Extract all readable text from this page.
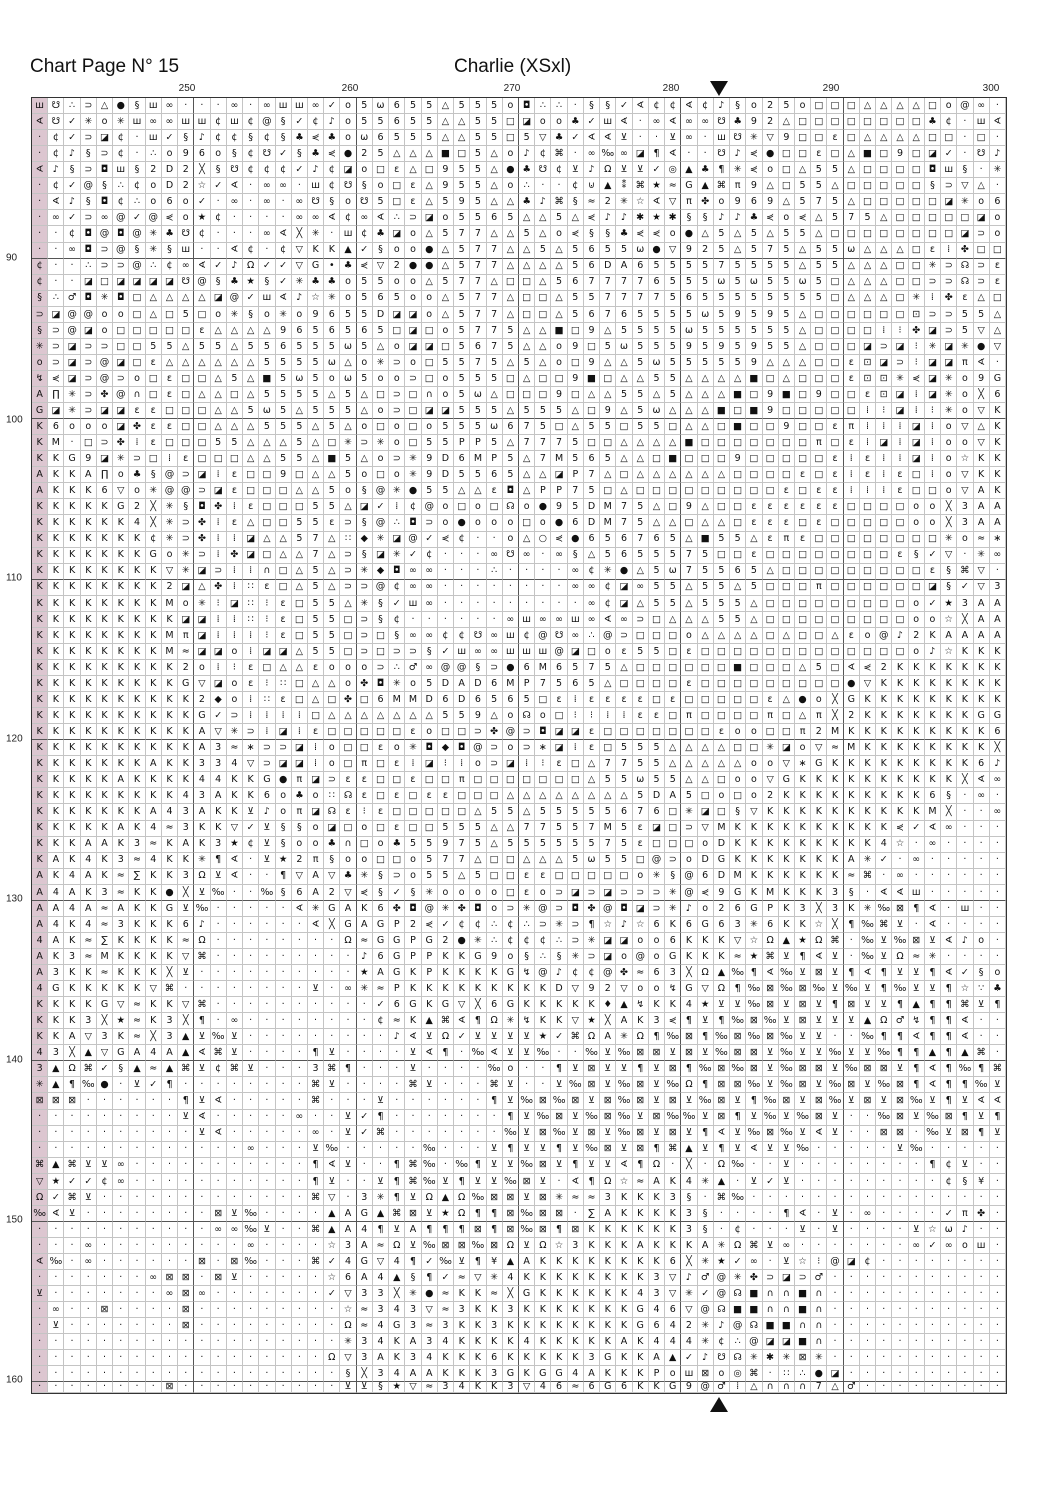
Chart Page N° 15	Charlie (XSxl)
250	260	270	280	290	300
90
100
110
120
130
140
150
160
ш ☋ ∴ ⊃ △ ●	§	ш ∞	·	·	·	∞	·	∞ ш ш ∞ ✓ o	5 ω 6	5	5	△	5	5	5	o	◘ ∴	∴	·	§	§	✓ ∢ ¢	¢ ∢ ¢	♪	§	o	2	5	o □ □ □ △ △ △ △ □ o @ ∞	·
∢ ☋ ✓ ✳ o ✳ ш ∞ ∞ ш ш ¢ ш ¢ @ §	✓ ¢	♪	o	5	5	6	5	5	△ △	5	5 □ ◪ o	o ♣ ✓ ш ∢	·	∞ ∢ ∞ ∞ ☋ ♣ 9	2	△ □ □ □ □ □ □ □ □ ♣ ¢	·	ш ∢
·	¢ ✓ ⊃ ◪ ¢	·	ш ✓	§	♪	¢	¢	§	¢	§	♣ ⋞ ♣ o ω 6	5	5	5	△ △	5	5 □ 5	▽ ♣ ✓ ∢ ∢ ⊻	·	·	⊻ ∞	·	ш ☋ ✳ ▽	9 □ □ ε □ △ △ △ △ □ □	·	□	·
·	¢	♪	§	⊃ ¢	·	∴	o	9	6	o	§	¢ ☋ ✓	§	♣ ⋞ ● 2	5	△ △ △ ■ □ 5	△	o	♪	¢ ⌘	·	∞ ‰ ∞ ◪ ¶ ∢	·	·	☋ ♪ ⋞ ● □ □ ε □ △ ■ □ 9 □ ◪ ✓	·	☋ ♪
∢ ♪	§	⊃ ◘ ш	§	2	D	2	╳	§	☋ ¢	¢	¢ ✓ ♪	¢ ◪ o □ ε	△ □ 9	5	5	△ ● ♣ ☋ ¢	⊻	♪	Ω ⊻ ⊻ ✓ ◎ ▲ ♣ ¶ ✳ ⋞ o □ △	5	5	△ □ □ □ □ ◘ ш	§	·	✳
·	¢ ✓ @ §	∴	¢	o	D	2 ☆ ✓ ∢	·	∞ ∞	·	ш ¢ ☋	§	o □ ε	△	9	5	5	△	o	∴	·	·	¢	⊍ ▲	⁑ ⌘ ★ ≈ G ▲ ⌘ π	9	△ □ 5	5	△ □ □ □ □ □ §	⊃ ▽ △	·
·	∢ ♪	§	◘ ¢	∴	o	6	o ✓	·	∞	·	∞	·	∞ ☋	§	o ☋ 5 □ ε	△	5	9	5	△ △ ♣ ♪ ⌘ §	≈ 2 ✳ ☆ ∢ ▽	π ✤ o	9	6	9	△	5	7	5	△ □ □ □ □ □ ◪ ✳ o	6
·	∞ ✓ ⊃ ∞ @ ✓ @ ⋞ o ★ ¢	·	·	·	·	∞ ∞ ∢ ¢ ∞ ∢ ∴ ⊃ ◪ o	5	5	6	5	△ △	5	△ ⋞ ♪	♪ ✱ ★ ✱	§	§	♪	♪ ♣ ⋞ o ⋞ △	5	7	5	△ □ □ □ □ □ ◪ o
·	·	¢ ◘ @ ◘ @ ✳ ♣ ☋ ¢	·	·	·	∞ ∢ ╳ ✳	·	ш ¢ ♣ ◪ o	△	5	7	7	△ △	5	△	o ⋞	§	§	♣ ⋞ ⋞ o ● △	5	△	5	△	5	5	△ □ □ □ □ □ □ □ □ ◪ ⊃ o
·	·	∞ ◘ ⊃ @ §	✳	§	ш	·	·	∢ ¢	·	¢	▽ K	K ▲ ✓	§	o	o ● △	5	7	7	△ △	5	△	5	6	5	5 ω ● ▽	9	2	5	△	5	7	5	△	5	5 ω △ △ △ □ ε	⁞	✤ □ □
¢	·	·	∴ ⊃ ⊃ @ ∴	¢ ∞ ∢ ✓ ♪	Ω ✓ ✓ ▽ G	• ♣ ⋞ ▽	2 ● ● △	5	7	7	△ △ △ △	5	6	D A	6	5	5	5	5	7	5	5	5	5	△	5	5	△ △ △ □ □ ✳ ⊃ ☊ ⊃	ε
¢	·	·	◪ □ ◪ ◪ ◪ ◪ ☋ @ §	♣ ★	§	✓ ✳ ♣ ♣ o	5	5	o	o	△	5	7	7	△ □ □ △	5	6	7	7	7	7	6	5	5	5 ω 5 ω 5	5 ω 5 □ △ △ △ □ □ ⊃ ⊃ ☊ ⊃	ε
§	∴ ♂ ◘ ✳ ◘ □ △ △ △ △ ◪ @ ✓ ш ∢ ♪ ☆ ✳ o	5	6	5	o	o	△	5	7	7	△ □ □ △	5	5	7	7	7	7	5	6	5	5	5	5	5	5	5	5 □ △ △ △ □ ✳	⁞	✤	ε	△ □
⊃ ◪ @ @ o	o □ △ □ 5 □ o ✳	§	o ✳ o	9	6	5	5	D ◪ ◪ o	△	5	7	7	△ □ □ △	5	6	7	6	5	5	5	5 ω 5	9	5	9	5	△ □ □ □ □ □ □ ⊡ ⊃ ⊃ 5	5	△
§	⊃ @ ◪ o □ □ □ □ □ ε	△ △ △ △	9	6	5	6	5	6	5 □ ◪ □ o	5	7	7	5	△ △ ■ □ 9	△	5	5	5	5 ω 5	5	5	5	5	5	△ □ □ □ □	⁞	⁝	✤ ◪ ⊃ 5	▽ △
✳ ⊃ ◪ ⊃ ⊃ □ □ 5	5	△	5	5	△	5	5	6	5	5	5 ω 5	△	o ◪ ◪ □ 5	6	7	5	△ △	o	9 □ 5 ω 5	5	5	9	5	9	5	9	5	5	△ □ □ □ ◪ ⊃ ◪	⁝	✳ ◪ ✳ ● ▽
o ⊃ ◪ ⊃ @ ◪ □ ε	△ △ △ △ △ △	5	5	5	5 ω △	o ✳ ⊃ o □ 5	5	7	5	△	5	△	o □ 9	△ △	5 ω 5	5	5	5	5	9	△ △ △ □ □ ε	⊡ ◪ ⊃	⁝	◪ ◪ π ∢	·
↯ ⋞ ◪ ⊃ @ ⊃ o □ ε □ □ △	5	△ ■ 5 ω 5	o ω 5	o	o ⊃ □ o	5	5	5 □ △ □ □ 9 ■ □ △ △	5	5	△ △ △ △ ■ □ △ □ □ □ ε	⊡ ⊡ ✳ ⋞ ◪ ✳ o	9	G
A ∏ ✳ ⊃ ✤ @ ∩ □ ε □ △ △ □ △	5	5	5	5	△	5	△ □ ⊃ □ ∩	o	5 ω △ □ □ □ 9 □ △ △	5	5	△	5	△ △ △ ■ □ 9 ■ □ 9 □ □ ε	⊡ ◪	⁞	◪ ✳ o	╳	6
G ◪ ✳ ⊃ ◪ ◪ ε	ε □ □ □ △ △	5 ω 5	△	5	5	5	△	o ⊃ □ ◪ ◪ 5	5	5	△	5	5	5	△ □ 9	△	5 ω △ △ △ ■ □ ■ 9 □ □ □ □ □	⁞	⁝	◪	⁞	⁝	✳ o	▽ K
K	6	o	o	o ◪ ✤	ε	ε □ □ △ △ △	5	5	5	△	5	△	o □ o □ o	5	5	5 ω 6	7	5 □ △	5	5 □ 5	5 □ △ △ □ ■ □ □ 9 □ □ ε	π	⁞	⁞	⁞	◪	⁞	o	▽ △ K
K M	·	□ ⊃ ✤	⁞	ε □ □ □ 5	5	△ △ △	5	△ □ ✳ ⊃ ✳ o □ 5	5	P	P	5	△	7	7	7	5 □ □ △ △ △ △ ■ □ □ □ □ □ □ □ π □ ε	⁞	◪	⁞	◪	⁞	o	o	▽ K
K	K G	9 ◪ ✳ ⊃ □	⁞	ε □ □ □ △ △	5	5	△ ■ 5	△	o ⊃ ✳ 9	D	6 M P	5	△	7 M 5	6	5	△ △ □ ■ □ □ □ 9 □ □ □ □ □ ε	⁞	ε	⁞	⁞	◪	⁞	o ☆ K	K
A	K	K	A ∏	o ♣	§ @ ⊃ ◪	⁞	ε □ □ 9 □ △ △	5	o □ o ✳ 9	D	5	5	6	5	△ △ ◪ P	7	△ □ △ △ △ △ △ △ □ □ □ □ ε □ ε	⁞	ε	⁞	ε □	⁞	o	▽ K	K
A	K	K	K	6	▽	o ✳ @ @ ⊃ ◪ ε □ □ □ △ △	5	o	§ @ ✳ ● 5	5	△ △	ε	◘ △	P	P	7	5 □ △ □ □ □ □ □ □ □ □ □ ε □ ε	ε	⁞	⁞	⁞	ε □ □ o	▽ A	K
K	K	K	K	K G	2	╳ ✳	§	◘ ✤	⁞	ε □ □ □ 5	5	△ ◪ ✓	⁞	¢ @ o □ o □ ☊ o ● 9	5	D M 7	5	△ □ 9	△ □ □ ε	ε	ε	ε	ε	ε □ □ □ □ o	o	╳	3	A	A
K	K	K	K	K	K	4	╳ ✳ ⊃ ✤	⁞	ε	△ □ □ 5	5	ε	⊃	§ @ ∴ ◘ ⊃ o ● o	o	o □ o ● 6	D M 7	5	△ △ □ △ △ □ ε	ε	ε □ ε □ □ □ □ □ o	o	╳	3	A	A
K	K	K	K	K	K	K	¢ ✳ ⊃ ✤	⁞	⁞	◪ △ △	5	7	△	∷	◆ ✳ ◪ @ ✓ ⋞ ¢	·	·	o	△ ○ ⋞ ● 6	5	6	7	6	5	△ ■ 5	5	△	ε	π	ε □ □ □ □ □ □ □ □ ✳ o ≈ ∗
K	K	K	K	K	K	K G	o ✳ ⊃	⁞	✤ ◪ □ △ △	7	△ ⊃	§ ◪ ✳ ✓ ¢	·	·	·	∞ ☋ ∞	·	∞	§	△	5	6	5	5	5	7	5 □ □ ε □ □ □ □ □ □ □ □ ε	§	✓ ▽	·	✳ ∞
K	K	K	K	K	K	K	K ▽ ✳ ◪ ⊃	⁞	⁞	∩ □ △	5	△ ⊃ ✳ ◆ ◘ ∞ ∞	·	·	·	∴	·	·	·	·	∞ ¢ ✳ ● △	5 ω 7	5	5	6	5	△ □ □ □ □ □ □ □ □ □ ε	§ ⌘ ▽	·
K	K	K	K	K	K	K	K	2 ◪ △ ✤	⁞	∷	ε □ △	5	△ ⊃ ⊃ @ ¢ ∞ ∞	·	·	·	·	·	·	·	·	∞ ∞ ¢ ◪ ∞ 5	5	△	5	5	△	5 □ □ □ π □ □ □ □ □ □ ◪ §	✓ ▽	3
K	K	K	K	K	K	K	K M o ✳	⁝	◪ ∷	⁝	ε □ 5	5	△ ✳	§	✓ ш ∞	·	·	·	·	·	·	·	·	·	∞ ¢ ◪ △	5	5	△	5	5	5	△ □ □ □ □ □ □ □ □ □ o ✓ ★ 3	A	A
K	K	K	K	K	K	K	K	K ◪ ◪	⁞	⁞	∷	⁝	ε □ 5	5 □ ⊃	§	¢	·	·	·	·	·	·	∞ ш ∞ ∞ ш ∞ ∢ ∞ ⊃ □ △ △ △	5	5	△ □ □ □ □ □ □ □ □ □ o	o ☆ ╳	A	A
K	K	K	K	K	K	K	K M π ◪	⁞	⁞	⁞	⁝	ε □ 5	5 □ ⊃ □ §	∞ ∞ ¢	¢ ☋ ∞ ш ¢ @ ☋ ∞ ∴ @ ⊃ □ □ □ o	△ △ △ △ □ △ □ □ △	ε	o @ ♪	2	K	A	A	A	A
K	K	K	K	K	K	K	K M ≈ ◪ ◪ o	⁞	◪ ◪ △	5	5 □ ⊃ □ ⊃ ⊃	§	✓ ш ∞ ∞ ш ш ш @ ◪ □ o	ε	5	5 □ ε □ □ □ □ □ □ □ □ □ □ □ □ □ o	♪ ☆ K	K	K
K	K	K	K	K	K	K	K	K	2	o	⁞	⁝	ε □ △ △	ε	o	o	o ⊃ ∴ ♂ ∞ @ @ §	⊃ ● 6 M 6	5	7	5	△ □ □ □ □ □ □ ■ □ □ □ △	5 □ ∢ ⋞ 2	K	K	K	K	K	K	K
K	K	K	K	K	K	K	K	K G ▽ ◪ o	ε	⁝	∷ □ △ △	o ✤ ◘ ✳ o	5	D A D	6 M P	7	5	6	5	△ □ □ □ □ ε □ □ □ □ □ □ □ □ □ ● ▽ K	K	K	K	K	K	K	K
K	K	K	K	K	K	K	K	K	K	2	◆	o	⁞	∷	ε □ △ □ ✤ □ 6 M M D	6	D	6	5	6	5 □ ε	⁞	ε	ε	ε	ε □ ε □ □ □ □ □ ε	△ ● o	╳	G K	K	K	K	K	K	K	K	K
K	K	K	K	K	K	K	K	K	K G ✓ ⊃	⁞	⁞	⁞	⁞	□ △ △ △ △ △ △ △	5	5	9	△	o ☊ o □	⁝	⁝	⁞	⁞	ε	ε □ π □ □ □ □ π □ △	π	╳	2	K	K	K	K	K	K	K G G
K	K	K	K	K	K	K	K	K	K	A ▽ ✳ ⊃	⁞	◪	⁞	ε □ □ □ □ □ ε	o □ □ ⊃ ✤ @ ⊃ ◘ ◪ ◪ ε □ □ □ □ □ □ □ ε	o	o □ □ π	2 M K	K	K	K	K	K	K	K	K	6
K	K	K	K	K	K	K	K	K	K	A	3 ≈ ∗ ⊃ ⊃ ◪	⁞	o □ □ ε	o ✳ ◘ ◆ ◘ @ ⊃ o ⊃ ∗ ◪	⁞	ε □ 5	5	5	△ △ △ △ □ □ ✳ ◪ o	▽ ≈ M K	K	K	K	K	K	K	K	╳
K	K	K	K	K	K	K	A	K	K	3	3	4	▽ ⊃ ◪ ◪	⁞	o □ π □ ε	⁞	◪	⁝	⁞	o ⊃ ◪	⁞	⁝	ε □ △	7	7	5	5	△ △ △ △ △	o	o	▽ ∗ G K	K	K	K	K	K	K	K	K	6	♪
K	K	K	K	K	A	K	K	K	K	4	4	K	K G ● π ◪ ⊃	ε	ε □ □ ε □ □ π □ □ □ □ □ □ □ △	5	5 ω 5	5	△ △ □ o	o	▽ G K	K	K	K	K	K	K	K	K	K	╳ ∢ ∞
K	K	K	K	K	K	K	K	K	4	3	A	K	K	6	o ♣ o	∷ ☊ ε □ ε □ ε	ε □ □ □ △ △ △ △ △ △ △ △	5	D A	5 □ o □ o	2	K	K	K	K	K	K	K	K	K	6	§	·	∞	·
K	K	K	K	K	K	K	A	4	3	A	K	K	⊻	♪	o	π ◪ ☊ ε	⁝	ε □ □ □ □ □ △	5	5	△	5	5	5	5	5	6	7	6 □ ✳ ◪ □ §	▽ K	K	K	K	K	K	K	K	K	K M ╳	·	·	∞
K	K	K	K	K	A	K	4 ≈ 3	K	K ▽ ✓ ⊻	§	§	o ◪ □ o □ ε □ □ 5	5	5	△ △	7	7	5	5	7 M 5	ε ◪ □ ⊃ ▽ M K	K	K	K	K	K	K	K	K	K ⋞ ✓ ∢ ∞	·	·	·
K	K	K	A	A	K	3 ≈ K	A	K	3 ★ ¢	⊻	§	o	o ♣ ∩ □ o ♣ 5	5	9	7	5	△	5	5	5	5	5	5	7	5	ε □ □ □ o	D K	K	K	K	K	K	K	K	K	4 ☆	·	∞	·	·	·	·
K	A	K	4	K	3 ≈ 4	K	K ✳ ¶ ∢	·	⊻ ★ 2	π	§	o	o □ □ o	5	7	7	△ □ □ △ △ △	5 ω 5	5 □ @ ⊃ o	D G K	K	K	K	K	K	K	A ✳ ✓	·	∞	·	·	·	·	·
A	K	4	A	K ≈ ∑	K	K	3	Ω ⊻ ∢	·	·	¶	▽ A ▽ ♣ ✳	§	⊃ o	5	5	△	5 □ □ ε	ε □ □ □ □ □ o ✳	§ @ 6	D M K	K	K	K	K	K ≈ ⌘	·	∞	·	·	·	·	·	·
A	4	A	K	3 ≈ K	K ● ╳	⊻ ‰ ·	· ‰ §	6	A	2	▽ ⋞	§	✓	§	✳ o	o	o	o □ ε	o ⊃ ◪ ⊃ ◪ ⊃ ⊃ ⊃ ✳ @ ⋞ 9	G K M K	K	K	3	§	·	∢ ∢ ш	·	·	·	·	·
A	A	4	A ≈ A	K	K G ⊻ ‰ ·	·	·	·	·	∢ ✳ G A	K	6 ✤ ◘ @ ✳ ✤ ◘	o ⊃ ✳ @ ⊃ ◘ ✤ @ ◘ ◪ ⊃ ✳ ♪	o	2	6	G	P	K	3	╳	3	K ✳ ‰ ⊠ ¶ ∢	·	ш	·	·
A	4	K	4 ≈ 3	K	K	K	6	♪	·	·	·	·	·	·	∢ ╳	G A G	P	2 ⋞ ✓ ¢	¢	∴	¢	∴ ⊃ ✳ ⊃ ¶ ☆ ♪ ☆ 6	K	6	G	6	3 ✳ 6	K	K ☆ ╳	¶ ‰ ⌘ ⊻	·	∢	·	·	·	·
4	A	K ≈ ∑	K	K	K	K ≈ Ω	·	·	·	·	·	·	·	·	Ω ≈ G G	P	G	2 ● ✳ ∴	¢	¢	¢	∴ ⊃ ✳ ◪ ◪ o	o	6	K	K	K ▽ ☆ Ω ▲ ★ Ω ⌘	· ‰ ⊻ ‰ ⊠ ⊻ ∢ ♪	o	·
A	K	3 ≈ M K	K	K	K ▽ ⌘	·	·	·	·	·	·	·	·	·	♪	6	G	P	P	K	K G	9	o	§	∴	§	✳ ⊃ ◪ o @ o	G K	K	K ≈ ★ ⌘ ⊻	¶ ∢ ⊻	· ‰ ⊻ Ω ≈ ✳	·	·	·	·
A	3	K	K ≈ K	K	K	╳	⊻	·	·	·	·	·	·	·	·	·	·	★ A G K	P	K	K	K	K G ↯ @ ♪	¢	¢ @ ✤ ≈ 6	3	╳	Ω ▲ ‰ ¶ ∢ ‰ ⊻ ⊠ ⊻	¶ ∢ ¶	⊻ ⊻	¶ ∢ ✓	§	o
4	G K	K	K	K	K ▽ ⌘	·	·	·	·	·	·	·	·	⊻	·	∞ ✳ ≈ P	K	K	K	K	K	K	K	K	K D ▽	9	2	▽	o	o ↯ G ▽ Ω	¶ ‰ ⊠ ‰ ⊠ ‰ ⊻ ‰ ⊻	¶ ‰ ⊻ ⊻	¶ ☆ ∵ ♣
K	K	K	K G ▽ ≈ K	K ▽ ⌘	·	·	·	·	·	·	·	·	·	·	✓ 6	G K G ▽	╳	6	G K	K	K	K	K ♦ ▲ ↯ K	K	4 ★ ⊻ ⊻ ‰ ⊠ ⊻ ⊠ ⊻	¶ ⊠ ⊻ ⊻	¶	▲	¶	¶ ⌘ ⊻	¶
K	K	K	3	╳ ★ ≈ K	3	╳	¶	·	∞	·	·	·	·	·	·	·	·	¢ ≈ K ▲ ⌘ ∢ ¶	Ω ✳ ↯ K	K ▽ ★ ╳	A	K	3 ⋞ ¶	⊻	¶ ‰ ⊠ ‰ ⊻ ⊠ ⊻ ⊻ ⊻ ▲ Ω ♂ ↯ ¶	¶ ∢	·	·
K	K	A ▽	3	K ≈ ╳	3	▲ ⊻ ‰ ⊻	·	·	·	·	·	·	·	·	·	♪ ∢ ⊻ Ω ✓ ⊻ ⊻ ⊻ ⊻ ★ ✓ ⌘ Ω A ✳ Ω	¶ ‰ ⊠ ¶ ‰ ⊠ ‰ ⊠ ‰ ⊻ ⊻	·	· ‰ ¶	¶ ∢ ¶	¶ ∢	·	·
4	3	╳	▲ ▽ G A	4	A ▲ ∢ ⌘ ⊻	·	·	·	·	¶	⊻	·	·	·	·	⊻ ∢ ¶	· ‰ ∢ ⊻ ⊻ ‰ ·	· ‰ ⊻ ‰ ⊠ ⊠ ⊻ ⊠ ⊻ ‰ ⊠ ⊠ ⊻ ‰ ⊻ ⊻ ‰ ⊻ ⊻ ‰ ¶	¶	▲	¶	▲ ⌘	·
3	▲ Ω ⌘ ✓	§	▲ ≈ ▲ ⌘ ⊻	¢ ⌘ ⊻	·	·	·	3 ⌘ ¶	·	·	·	⊻	·	·	·	· ‰ o	·	·	¶	⊻ ⊠ ⊻ ⊻	¶	⊻ ⊠ ¶ ‰ ⊠ ‰ ⊠ ⊻ ‰ ⊠ ⊠ ⊻ ‰ ⊠ ⊠ ⊻	¶ ∢ ¶ ‰ ¶ ⌘
✳ ▲	¶ ‰ ●	·	⊻ ✓ ¶	·	·	·	·	·	·	·	·	⌘ ⊻	·	·	·	·	⌘ ⊻	·	·	·	⌘ ⊻	·	·	⊻ ‰ ⊠ ⊻ ‰ ⊠ ⊻ ‰ Ω	¶ ⊠ ⊠ ‰ ⊻ ‰ ⊠ ⊻ ‰ ⊠ ⊻ ‰ ⊠ ¶ ∢ ¶	¶ ‰ ⊻
⊠ ⊠ ⊠	·	·	·	·	·	·	¶	⊻ ∢	·	·	·	·	·	⌘	·	·	·	⊻	·	·	·	·	·	·	¶	⊻ ‰ ⊠ ‰ ⊠ ⊻ ⊠ ‰ ⊠ ⊻ ⊠ ⊻ ‰ ⊠ ⊻	¶ ‰ ⊠ ⊻ ⊠ ‰ ⊻ ⊠ ⊻ ⊠ ‰ ⊻	¶	⊻ ∢ ∢
·	·	·	·	·	·	·	·	·	⊻ ∢	·	·	·	·	·	∞	·	·	⊻ ✓ ¶	·	·	·	·	·	·	·	¶	⊻ ‰ ⊠ ⊻ ‰ ⊠ ‰ ⊻ ⊠ ‰ ‰ ⊻ ⊠ ¶	⊻ ‰ ⊻ ‰ ⊠ ⊻	·	· ‰ ⊠ ⊻ ‰ ⊠ ¶	⊻	¶
·	·	·	·	·	·	·	·	·	·	⊻ ∢	·	·	·	·	·	∞	·	⊻ ✓ ⌘	·	·	·	·	·	·	· ‰ ⊻ ⊠ ‰ ⊻ ⊠ ⊻ ‰ ⊠ ⊻ ⊠ ⊻	¶ ∢ ⊻ ‰ ⊠ ‰ ⊻ ∢ ⊻	·	·	⊠ ⊠	· ‰ ⊻ ⊠ ¶	⊻
·	·	·	·	·	·	·	·	·	·	·	·	·	∞	·	·	·	⊻ ‰ ·	·	·	·	· ‰ ·	·	·	⊻	¶	⊻ ⊻	¶	⊻ ‰ ⊠ ⊻ ⊠ ¶ ⌘ ▲ ⊻	¶	⊻ ∢ ⊻ ⊻ ‰ ·	·	·	·	·	⊻ ‰ ·	·	·	·	·
⌘ ▲ ⌘ ⊻ ⊻ ∞	·	·	·	·	·	·	·	·	·	·	·	¶ ∢ ⊻	·	·	¶ ⌘ ‰ · ‰ ¶	⊻ ⊻ ‰ ⊠ ⊻	¶	⊻ ⊻ ∢ ¶	Ω	·	╳	·	Ω ‰ ·	·	⊻	·	·	·	·	·	·	·	·	¶	¢	⊻	·	·
▽ ★ ✓ ✓ ¢ ∞	·	·	·	·	·	·	·	·	·	·	·	¶	⊻	·	·	⊻	¶ ⌘ ‰ ⊻	¶	⊻ ⊻ ‰ ⊠ ⊻	·	∢ ¶	Ω ☆ ≈ A	K	4 ✳ ▲	·	⊻ ✓ ⊻	·	·	·	·	·	·	·	·	·	¢	§	¥	·
Ω ✓ ⌘ ⊻	·	·	·	·	·	·	·	·	·	·	·	·	·	⌘ ▽	·	3 ✳ ¶	⊻ Ω ▲ Ω ‰ ⊠ ⊠ ⊻ ⊠ ✳ ≈ ≈ 3	K	K	K	3	§	·	⌘ ‰ ·	·	·	·	·	·	·	·	·	·	·	·	·	·	·	·
‰ ∢ ⊻	·	·	·	·	·	·	·	·	⊠ ⊻ ‰ ·	·	·	·	▲ A G ▲ ⌘ ⊠ ⊻ ★ Ω	¶	¶ ⊠ ‰ ⊠ ⊠	·	∑	A	K	K	K	K	3	§	·	·	·	·	¶ ∢	·	⊻	·	∞	·	·	·	·	✓ π ✤	·
·	·	·	·	·	·	·	·	·	·	·	∞ ∞ ‰ ⊻	·	·	⌘ ▲ A	4	¶	⊻	A	¶	¶	¶ ⊠ ¶ ⊠ ‰ ⊠ ¶ ⊠ K	K	K	K	K	K	3	§	·	¢	·	·	·	⊻	·	⊻	·	·	·	·	⊻ ☆ ω ♪	·	·
·	·	·	∞	·	·	·	·	·	·	·	·	·	∞	·	·	·	·	☆ 3	A ≈ Ω ⊻ ‰ ⊠ ⊠ ‰ ⊠ Ω ⊻ Ω ☆ 3	K	K	K	A	K	K	K	A ✳ Ω ⌘ ⊻ ∞	·	·	·	·	·	·	·	∞ ✓ ∞ o ш	·
∢ ‰ ·	∞	·	·	·	·	·	·	⊠	·	⊠ ‰ ·	·	·	⌘ ✓ 4	G ▽	4	¶ ✓ ‰ ⊻	¶	¥	▲ A	K	K	K	K	K	K	K	K	6	╳ ✳ ★ ✓ ∞	·	⊻ ☆	⁝	@ ◪ ¢	·	·	·	·	·	·	·	·
·	·	·	·	·	·	·	∞ ⊠ ⊠	·	⊠ ⊻	·	·	·	·	·	☆ 6	A	4	▲	§	¶ ✓ ≈ ▽ ✳ 4	K	K	K	K	K	K	K	K	3	▽	♪ ♂ @ ✳ ✤ ⊃ ◪ ⊃ ♂	·	·	·	·	·	·	·	·	·	·	·
⊻	·	·	·	·	·	·	·	∞ ⊠ ∞	·	·	·	·	·	·	·	✓ ▽	3	3	╳ ✳ ● ≈ K	K ≈ ╳	G K	K	K	K	K	K	4	3	▽ ✳ ✓ @ ☊ ■ ∩ ∩ ■ ∩	·	·	·	·	·	·	·	·	·	·	·
·	∞	·	·	⊠	·	·	·	·	⊠	·	·	·	·	·	·	·	·	·	☆ ≈ 3	4	3	▽ ≈ 3	K	K	3	K	K	K	K	K	K	K G	4	6	▽ @ ☊ ■ ■ ∩ ∩ ■ ∩	·	·	·	·	·	·	·	·	·	·	·
·	⊻	·	·	·	·	·	·	·	⊠	·	·	·	·	·	·	·	·	·	Ω ≈ 4	G	3 ≈ 3	K	K	3	K	K	K	K	K	K	K	K G	6	4	2 ✳ ♪ @ ☊ ■ ■ ∩ ∩	·	·	·	·	·	·	·	·	·	·	·
·	·	·	·	·	·	·	·	·	·	·	·	·	·	·	·	·	·	·	✳ 3	4	K	A	3	4	K	K	K	K	4	K	K	K	K	K	A	K	4	4	4 ✳ ¢	∴ @ ◪ ◪ ■ ∩	·	·	·	·	·	·	·	·	·	·	·
·	·	·	·	·	·	·	·	·	·	·	·	·	·	·	·	·	·	Ω ▽	3	A	K	3	4	K	K	K	6	K	K	K	K	K	3	G K	K	A ▲ ✓ ♪ ☋ ☊ ✳ ✱ ✳ ⊠ ✳	·	·	·	·	·	·	·	·	·	·	·
·	·	·	·	·	·	·	·	·	·	·	·	·	·	·	·	·	·	·	§	╳	3	4	A	A	K	K	K	3	G K G G	4	A	K	K	K	P	o ш ⊠ o ◎ ⌘	·	∷	∴ ● ◪	·	·	·	·	·	·	·	·	·	·
·	·	·	·	·	·	·	·	⊠	·	·	·	·	·	·	·	·	·	·	⊻ ⊻	§	★ ▽ ≈ 3	4	K	K	3	▽	4	6 ≈ 6	G	6	K	K G	9 @ ♂	⁞	△ ∩ ∩ ∩	7	△ ♂	·	·	·	·	·	·	·	·	·
